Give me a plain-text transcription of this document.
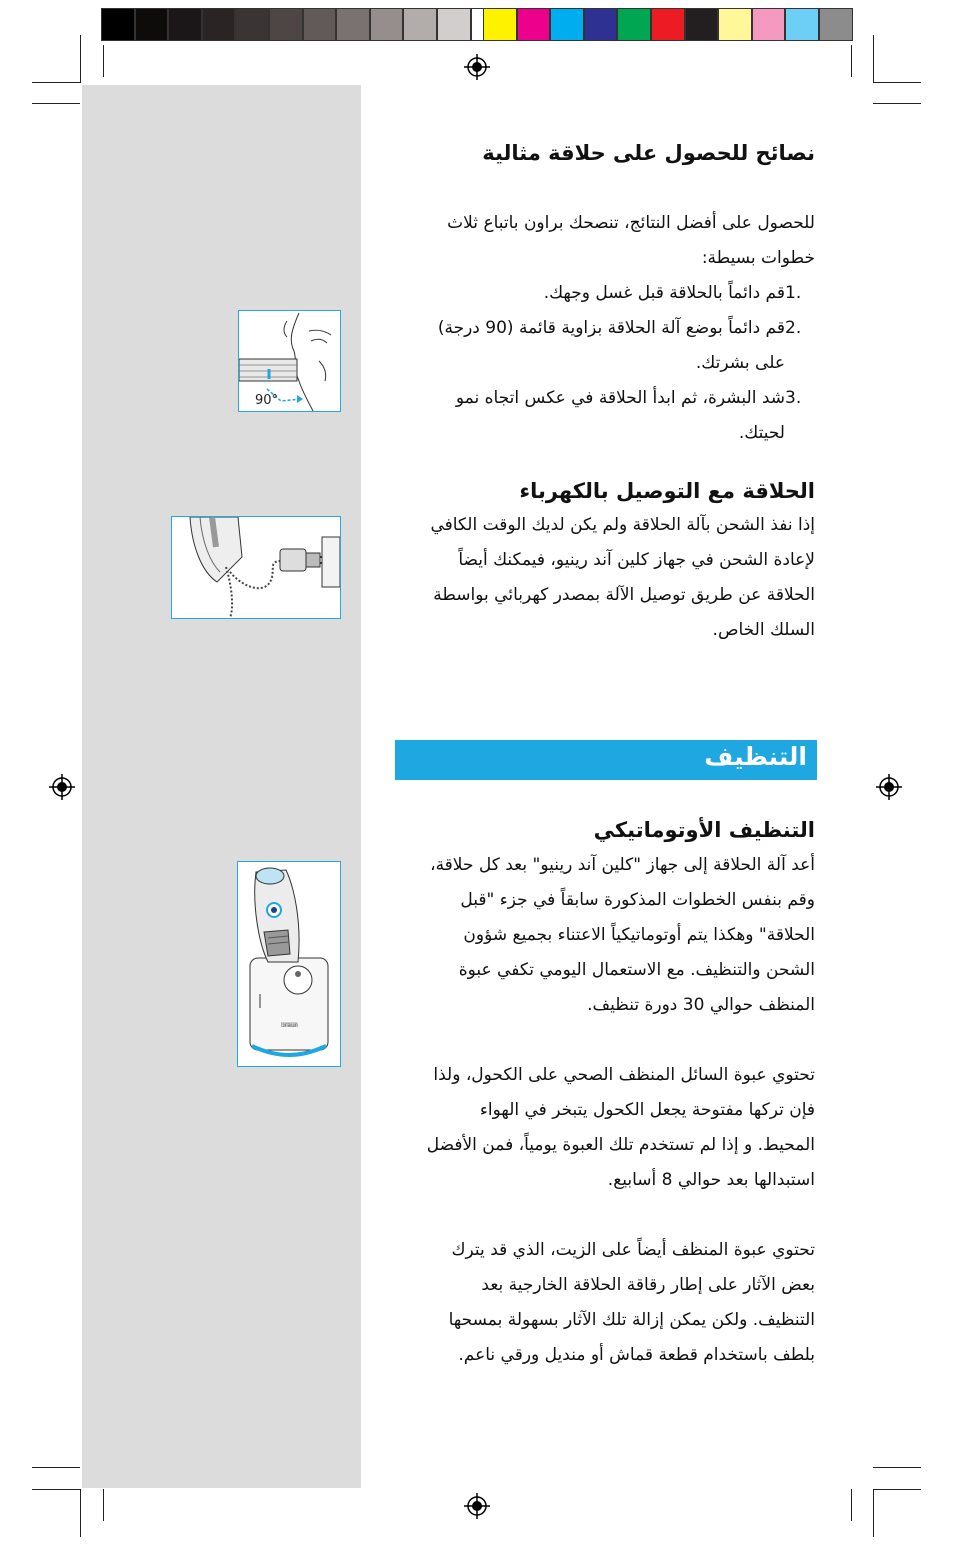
90°
braun
نصائح للحصول على حلاقة مثالية
للحصول على أفضل النتائج، تنصحك براون باتباع ثلاث
خطوات بسيطة:
1.
قم دائماً بالحلاقة قبل غسل وجهك.
2.
قم دائماً بوضع آلة الحلاقة بزاوية قائمة (90 درجة)
على بشرتك.
3.
شد البشرة، ثم ابدأ الحلاقة في عكس اتجاه نمو
لحيتك.
الحلاقة مع التوصيل بالكهرباء
إذا نفذ الشحن بآلة الحلاقة ولم يكن لديك الوقت الكافي
لإعادة الشحن في جهاز كلين آند رينيو، فيمكنك أيضاً
الحلاقة عن طريق توصيل الآلة بمصدر كهربائي بواسطة
السلك الخاص.
التنظيف
التنظيف الأوتوماتيكي
أعد آلة الحلاقة إلى جهاز "كلين آند رينيو" بعد كل حلاقة،
وقم بنفس الخطوات المذكورة سابقاً في جزء "قبل
الحلاقة" وهكذا يتم أوتوماتيكياً الاعتناء بجميع شؤون
الشحن والتنظيف. مع الاستعمال اليومي تكفي عبوة
المنظف حوالي 30 دورة تنظيف.
تحتوي عبوة السائل المنظف الصحي على الكحول، ولذا
فإن تركها مفتوحة يجعل الكحول يتبخر في الهواء
المحيط. و إذا لم تستخدم تلك العبوة يومياً، فمن الأفضل
استبدالها بعد حوالي 8 أسابيع.
تحتوي عبوة المنظف أيضاً على الزيت، الذي قد يترك
بعض الآثار على إطار رقاقة الحلاقة الخارجية بعد
التنظيف. ولكن يمكن إزالة تلك الآثار بسهولة بمسحها
بلطف باستخدام قطعة قماش أو منديل ورقي ناعم.
